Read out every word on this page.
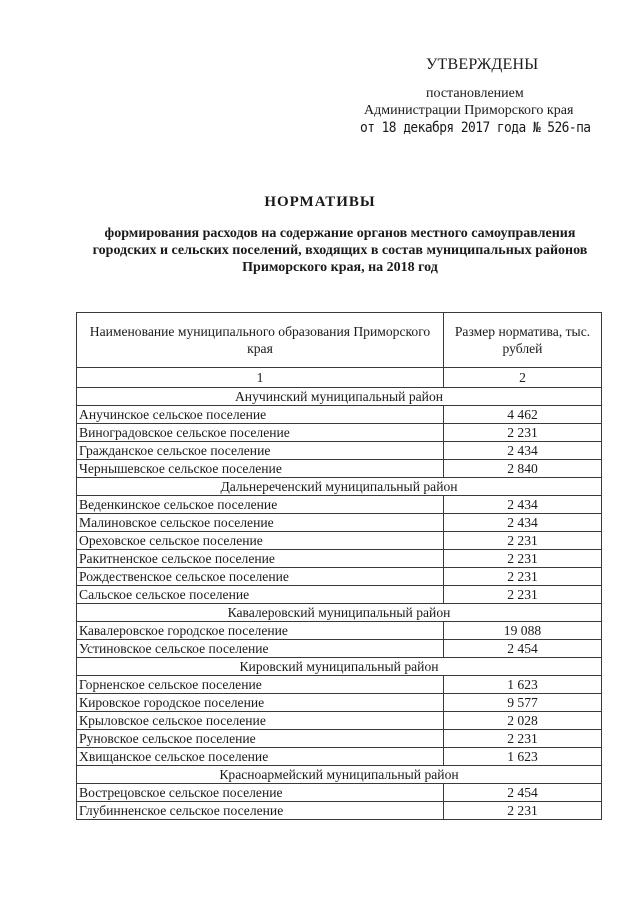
УТВЕРЖДЕНЫ
постановлением
Администрации Приморского края
от 18 декабря 2017 года № 526-па
НОРМАТИВЫ
формирования расходов на содержание органов местного самоуправления городских и сельских поселений, входящих в состав муниципальных районов Приморского края, на 2018 год
Наименование муниципального образования Приморского края	Размер норматива, тыс. рублей
1	2
Анучинский муниципальный район	
Анучинское сельское поселение	4 462
Виноградовское сельское поселение	2 231
Гражданское сельское поселение	2 434
Чернышевское сельское поселение	2 840
Дальнереченский муниципальный район	
Веденкинское сельское поселение	2 434
Малиновское сельское поселение	2 434
Ореховское сельское поселение	2 231
Ракитненское сельское поселение	2 231
Рождественское сельское поселение	2 231
Сальское сельское поселение	2 231
Кавалеровский муниципальный район	
Кавалеровское городское поселение	19 088
Устиновское сельское поселение	2 454
Кировский муниципальный район	
Горненское сельское поселение	1 623
Кировское городское поселение	9 577
Крыловское сельское поселение	2 028
Руновское сельское поселение	2 231
Хвищанское сельское поселение	1 623
Красноармейский муниципальный район	
Вострецовское сельское поселение	2 454
Глубинненское сельское поселение	2 231
